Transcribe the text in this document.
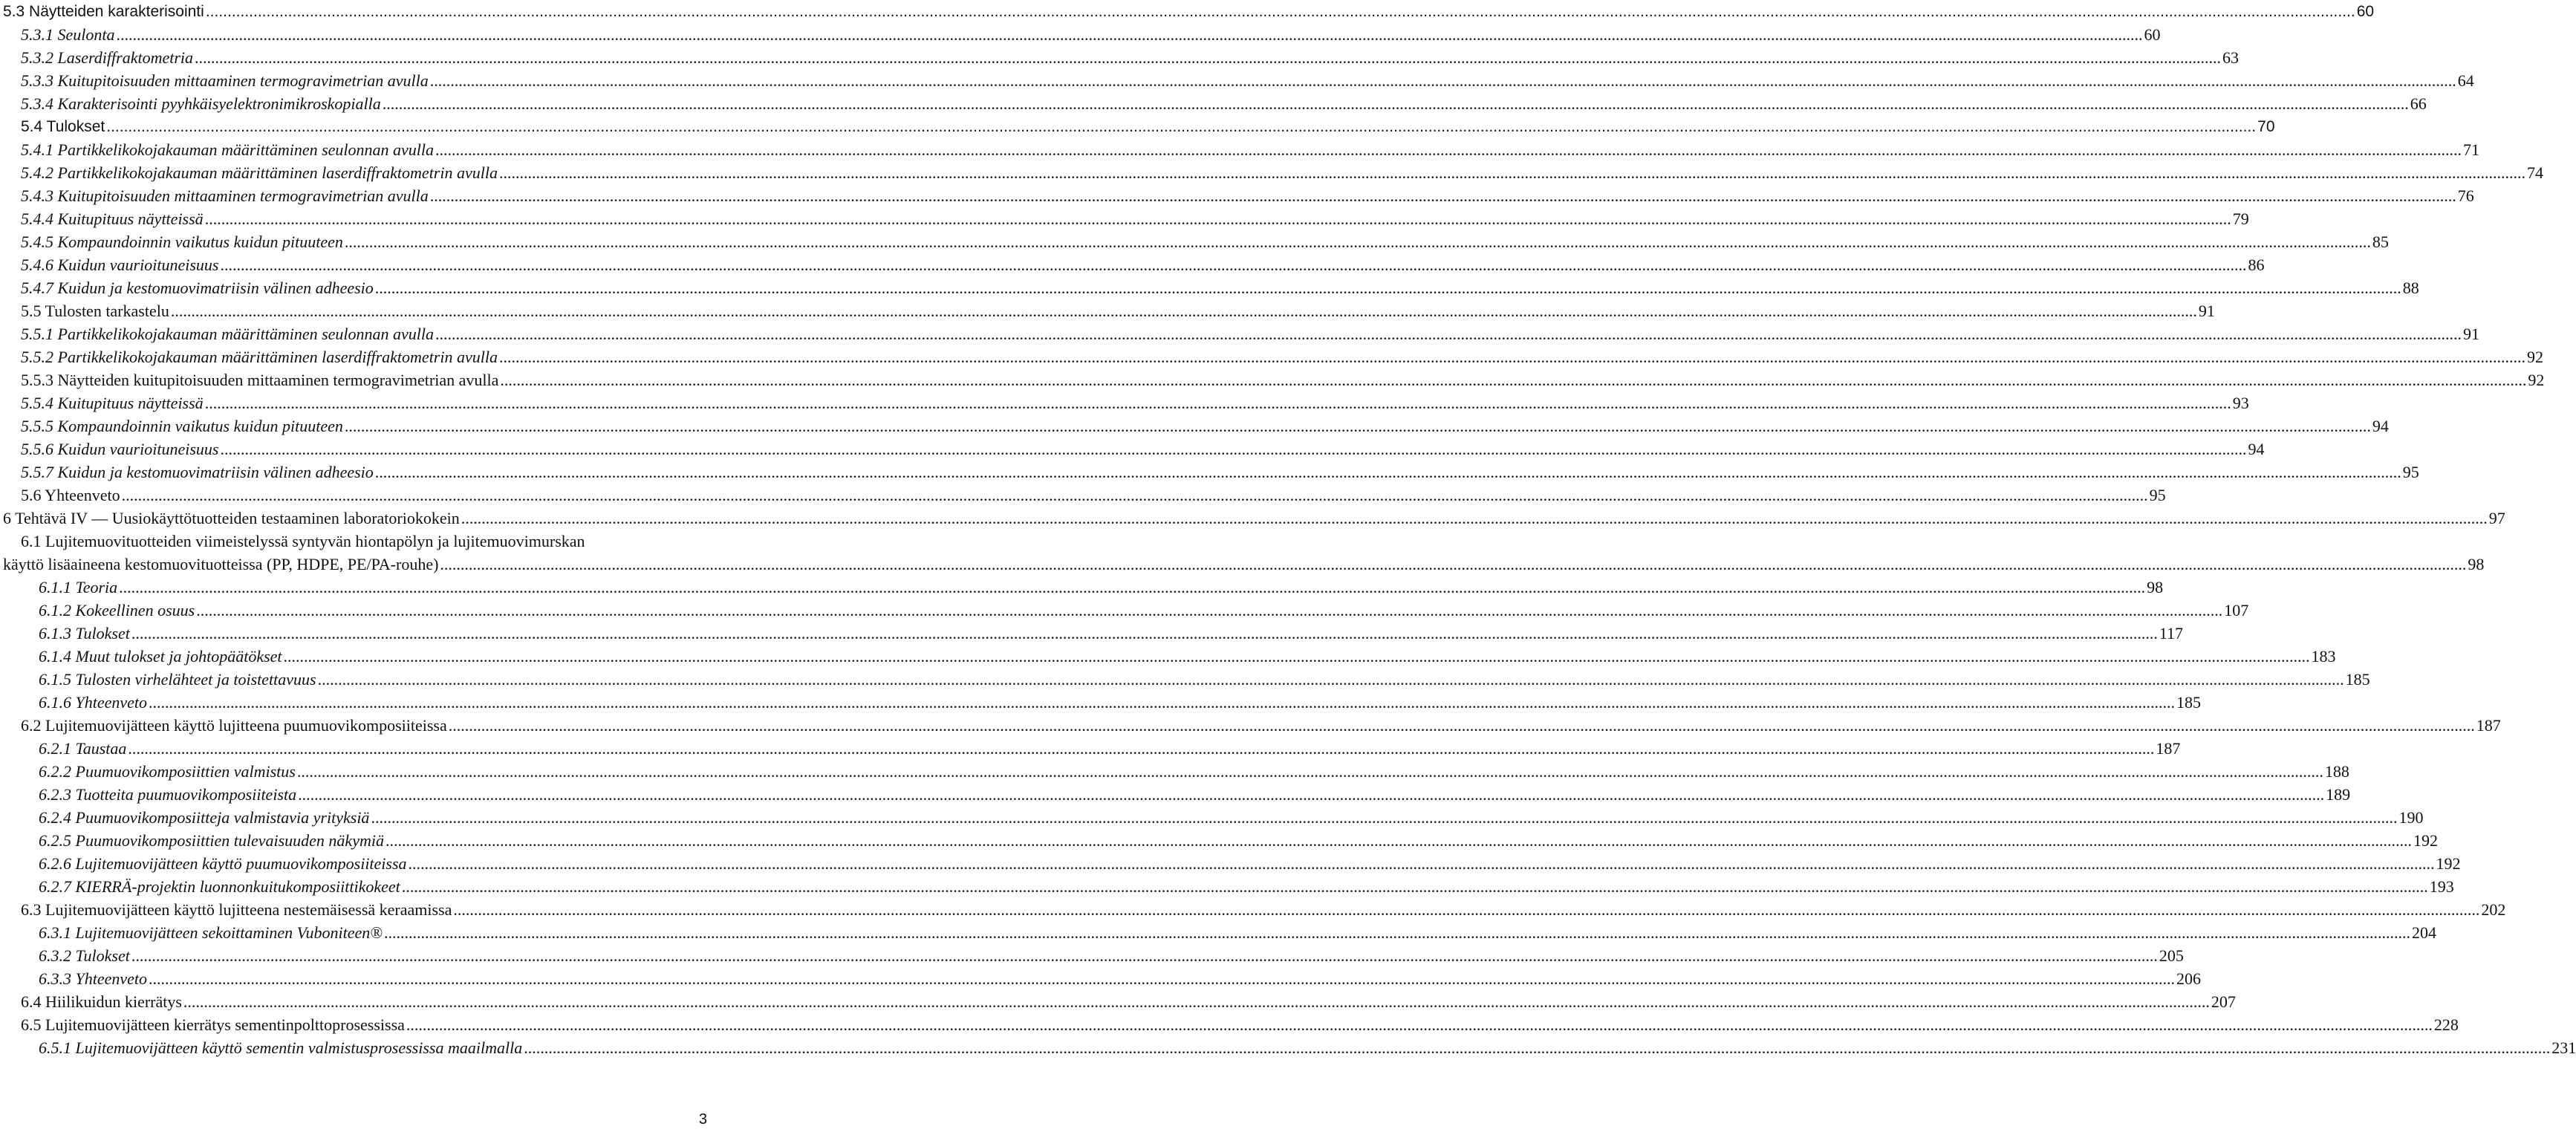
5.3 Näytteiden karakterisointi .....	60
5.3.1 Seulonta .....	60
5.3.2 Laserdiffraktometria .....	63
5.3.3 Kuitupitoisuuden mittaaminen termogravimetrian avulla .....	64
5.3.4 Karakterisointi pyyhkäisyelektronimikroskopialla .....	66
5.4 Tulokset .....	70
5.4.1 Partikkelikokojakauman määrittäminen seulonnan avulla .....	71
5.4.2 Partikkelikokojakauman määrittäminen laserdiffraktometrin avulla .....	74
5.4.3 Kuitupitoisuuden mittaaminen termogravimetrian avulla .....	76
5.4.4 Kuitupituus näytteissä .....	79
5.4.5 Kompaundoinnin vaikutus kuidun pituuteen .....	85
5.4.6 Kuidun vaurioituneisuus .....	86
5.4.7 Kuidun ja kestomuovimatriisin välinen adheesio .....	88
5.5 Tulosten tarkastelu .....	91
5.5.1 Partikkelikokojakauman määrittäminen seulonnan avulla .....	91
5.5.2 Partikkelikokojakauman määrittäminen laserdiffraktometrin avulla .....	92
5.5.3 Näytteiden kuitupitoisuuden mittaaminen termogravimetrian avulla .....	92
5.5.4 Kuitupituus näytteissä .....	93
5.5.5 Kompaundoinnin vaikutus kuidun pituuteen .....	94
5.5.6 Kuidun vaurioituneisuus .....	94
5.5.7 Kuidun ja kestomuovimatriisin välinen adheesio .....	95
5.6 Yhteenveto .....	95
6 Tehtävä IV — Uusiokäyttötuotteiden testaaminen laboratoriokokein .....	97
6.1 Lujitemuovituotteiden viimeistelyssä syntyvän hiontapölyn ja lujitemuovimurskan
käyttö lisäaineena kestomuovituotteissa (PP, HDPE, PE/PA-rouhe) .....	98
6.1.1 Teoria .....	98
6.1.2 Kokeellinen osuus .....	107
6.1.3 Tulokset .....	117
6.1.4 Muut tulokset ja johtopäätökset .....	183
6.1.5 Tulosten virhelähteet ja toistettavuus .....	185
6.1.6 Yhteenveto .....	185
6.2 Lujitemuovijätteen käyttö lujitteena puumuovikomposiiteissa .....	187
6.2.1 Taustaa .....	187
6.2.2 Puumuovikomposiittien valmistus .....	188
6.2.3 Tuotteita puumuovikomposiiteista .....	189
6.2.4 Puumuovikomposiitteja valmistavia yrityksiä .....	190
6.2.5 Puumuovikomposiittien tulevaisuuden näkymiä .....	192
6.2.6 Lujitemuovijätteen käyttö puumuovikomposiiteissa .....	192
6.2.7 KIERRÄ-projektin luonnonkuitukomposiittikokeet .....	193
6.3 Lujitemuovijätteen käyttö lujitteena nestemäisessä keraamissa .....	202
6.3.1 Lujitemuovijätteen sekoittaminen Vuboniteen® .....	204
6.3.2 Tulokset .....	205
6.3.3 Yhteenveto .....	206
6.4 Hiilikuidun kierrätys .....	207
6.5 Lujitemuovijätteen kierrätys sementinpolttoprosessissa .....	228
6.5.1 Lujitemuovijätteen käyttö sementin valmistusprosessissa maailmalla .....	231
3
